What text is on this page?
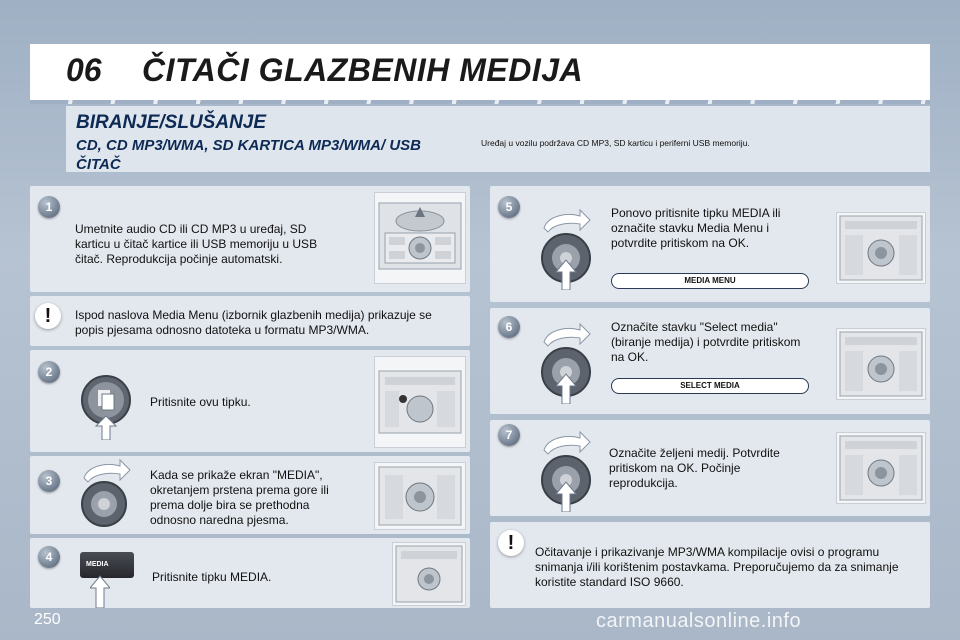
06 ČITAČI GLAZBENIH MEDIJA
BIRANJE/SLUŠANJE
CD, CD MP3/WMA, SD KARTICA MP3/WMA/ USB ČITAČ
Uređaj u vozilu podržava CD MP3, SD karticu i periferni USB memoriju.
1
Umetnite audio CD ili CD MP3 u uređaj, SD karticu u čitač kartice ili USB memoriju u USB čitač. Reprodukcija počinje automatski.
!	Ispod naslova Media Menu (izbornik glazbenih medija) prikazuje se popis pjesama odnosno datoteka u formatu MP3/WMA.
2
Pritisnite ovu tipku.
3	Kada se prikaže ekran "MEDIA", okretanjem prstena prema gore ili prema dolje bira se prethodna odnosno naredna pjesma.
4
MEDIA
Pritisnite tipku MEDIA.
5	Ponovo pritisnite tipku MEDIA ili označite stavku Media Menu i potvrdite pritiskom na OK.
MEDIA MENU
6	Označite stavku "Select media" (biranje medija) i potvrdite pritiskom na OK.
SELECT MEDIA
7
Označite željeni medij. Potvrdite pritiskom na OK. Počinje reprodukcija.
!	Očitavanje i prikazivanje MP3/WMA kompilacije ovisi o programu snimanja i/ili korištenim postavkama. Preporučujemo da za snimanje koristite standard ISO 9660.
250	carmanualsonline.info
